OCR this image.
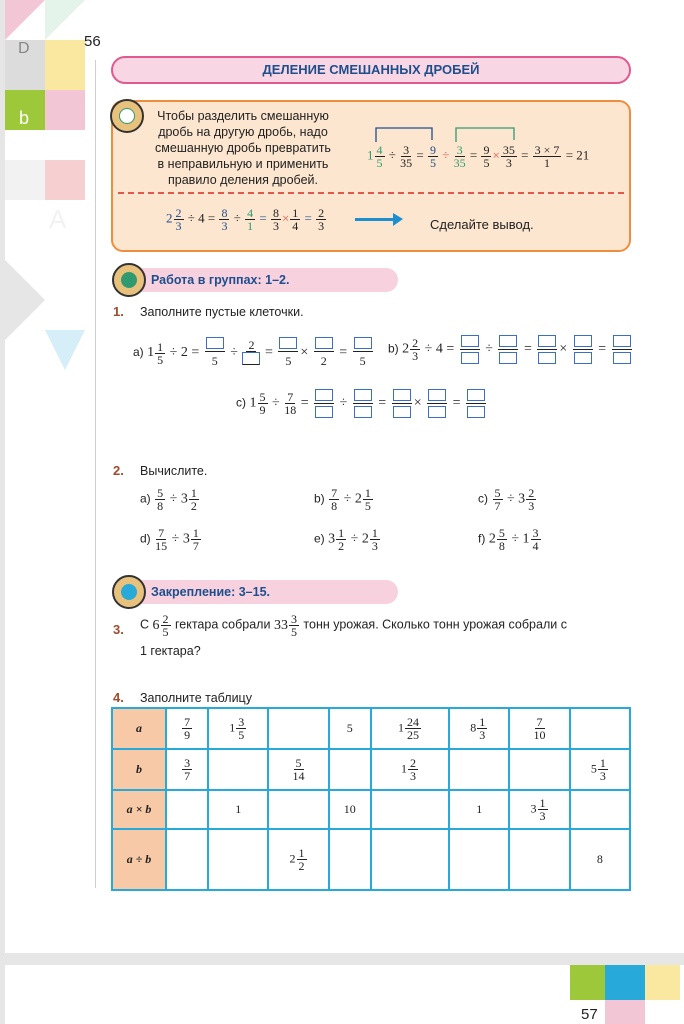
D
b
A
56
57
ДЕЛЕНИЕ СМЕШАННЫХ ДРОБЕЙ
Чтобы разделить смешанную
дробь на другую дробь, надо
смешанную дробь превратить
в неправильную и применить
правило деления дробей.
$1 \frac{4}{5} \div \frac{3}{35} = \frac{9}{5} \div \frac{3}{35} = \frac{9}{5} \times \frac{35}{3} = \frac{3 \times 7}{1} = 21$
$2 \frac{2}{3} \div 4 = \frac{8}{3} \div \frac{4}{1} = \frac{8}{3} \times \frac{1}{4} = \frac{2}{3}$	Сделайте вывод.
Работа в группах: 1–2.
1. Заполните пустые клеточки.
a) $1 \frac{1}{5} \div 2$ =
5
÷
2
=
5
×
2
=
5
b) $2 \frac{2}{3} \div 4$ =
÷
=
×
=
c) $1 \frac{5}{9} \div \frac{7}{18}$ =
÷
=
×
=
2. Вычислите.
$a) \frac{5}{8} \div 3 \frac{1}{2}$	$b) \frac{7}{8} \div 2 \frac{1}{5}$	$c) \frac{5}{7} \div 3 \frac{2}{3}$
$d) \frac{7}{15} \div 3 \frac{1}{7}$	e) $3 \frac{1}{2} \div 2 \frac{1}{3}$	f) $2 \frac{5}{8} \div 1 \frac{3}{4}$
Закрепление: 3–15.
3. С $6 \frac{2}{5}$ гектара собрали $33 \frac{3}{5}$ тонн урожая. Сколько тонн урожая собрали с
1 гектара?
4. Заполните таблицу
a	$\frac{7}{9}$	$1 \frac{3}{5}$		5	$1 \frac{24}{25}$	$8 \frac{1}{3}$	$\frac{7}{10}$

b	$\frac{3}{7}$		$\frac{5}{14}$		$1 \frac{2}{3}$			$5 \frac{1}{3}$

a × b		1		10		1	$3 \frac{1}{3}$

a ÷ b			$2 \frac{1}{2}$					8
